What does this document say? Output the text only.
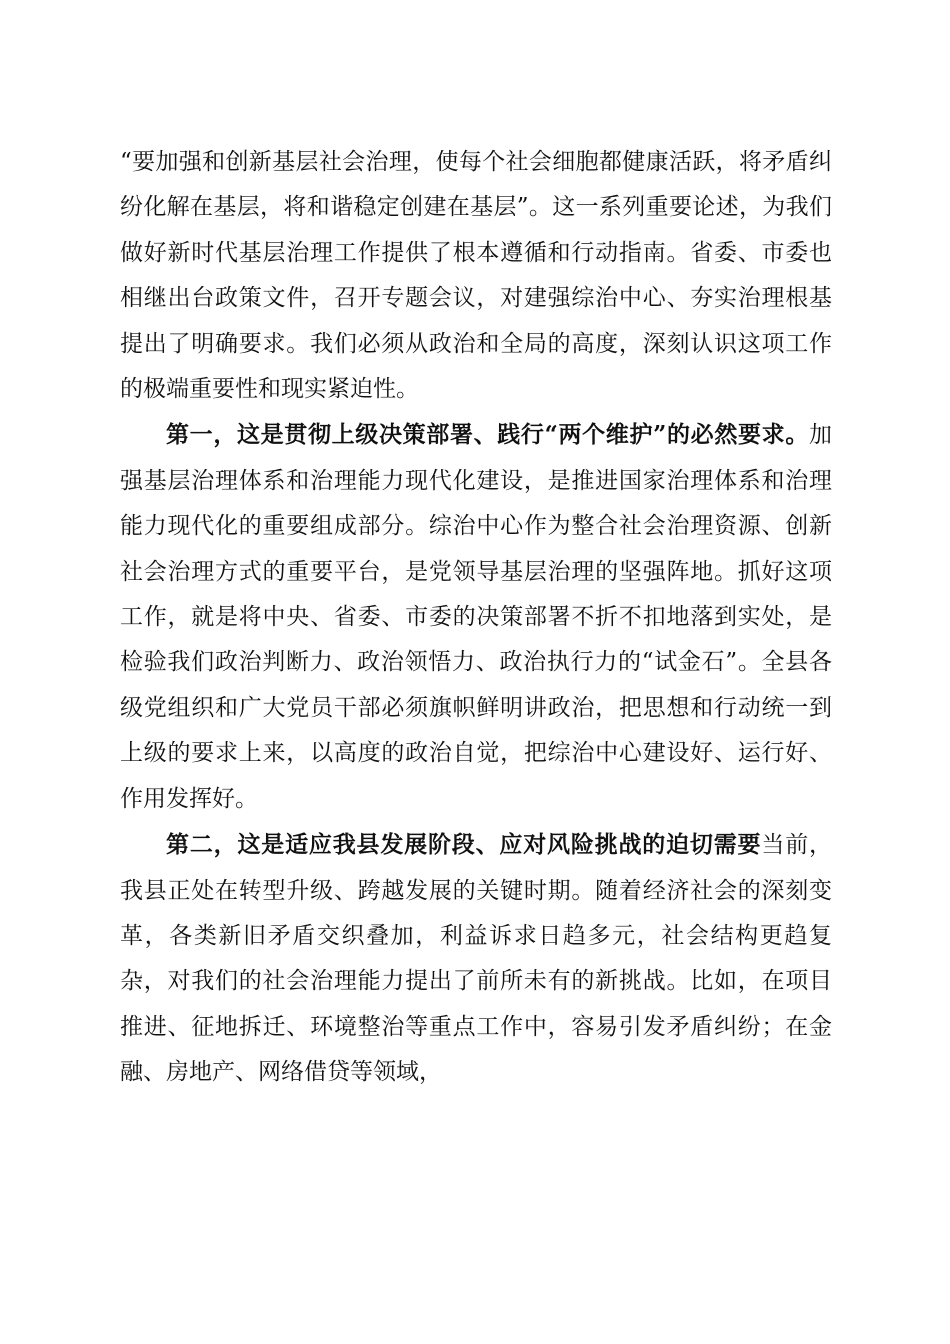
“要加强和创新基层社会治理，使每个社会细胞都健康活跃，将矛盾纠纷化解在基层，将和谐稳定创建在基层”。这一系列重要论述，为我们做好新时代基层治理工作提供了根本遵循和行动指南。省委、市委也相继出台政策文件，召开专题会议，对建强综治中心、夯实治理根基提出了明确要求。我们必须从政治和全局的高度，深刻认识这项工作的极端重要性和现实紧迫性。

第一，这是贯彻上级决策部署、践行“两个维护”的必然要求。加强基层治理体系和治理能力现代化建设，是推进国家治理体系和治理能力现代化的重要组成部分。综治中心作为整合社会治理资源、创新社会治理方式的重要平台，是党领导基层治理的坚强阵地。抓好这项工作，就是将中央、省委、市委的决策部署不折不扣地落到实处，是检验我们政治判断力、政治领悟力、政治执行力的“试金石”。全县各级党组织和广大党员干部必须旗帜鲜明讲政治，把思想和行动统一到上级的要求上来，以高度的政治自觉，把综治中心建设好、运行好、作用发挥好。

第二，这是适应我县发展阶段、应对风险挑战的迫切需要当前，我县正处在转型升级、跨越发展的关键时期。随着经济社会的深刻变革，各类新旧矛盾交织叠加，利益诉求日趋多元，社会结构更趋复杂，对我们的社会治理能力提出了前所未有的新挑战。比如，在项目推进、征地拆迁、环境整治等重点工作中，容易引发矛盾纠纷；在金融、房地产、网络借贷等领域，
